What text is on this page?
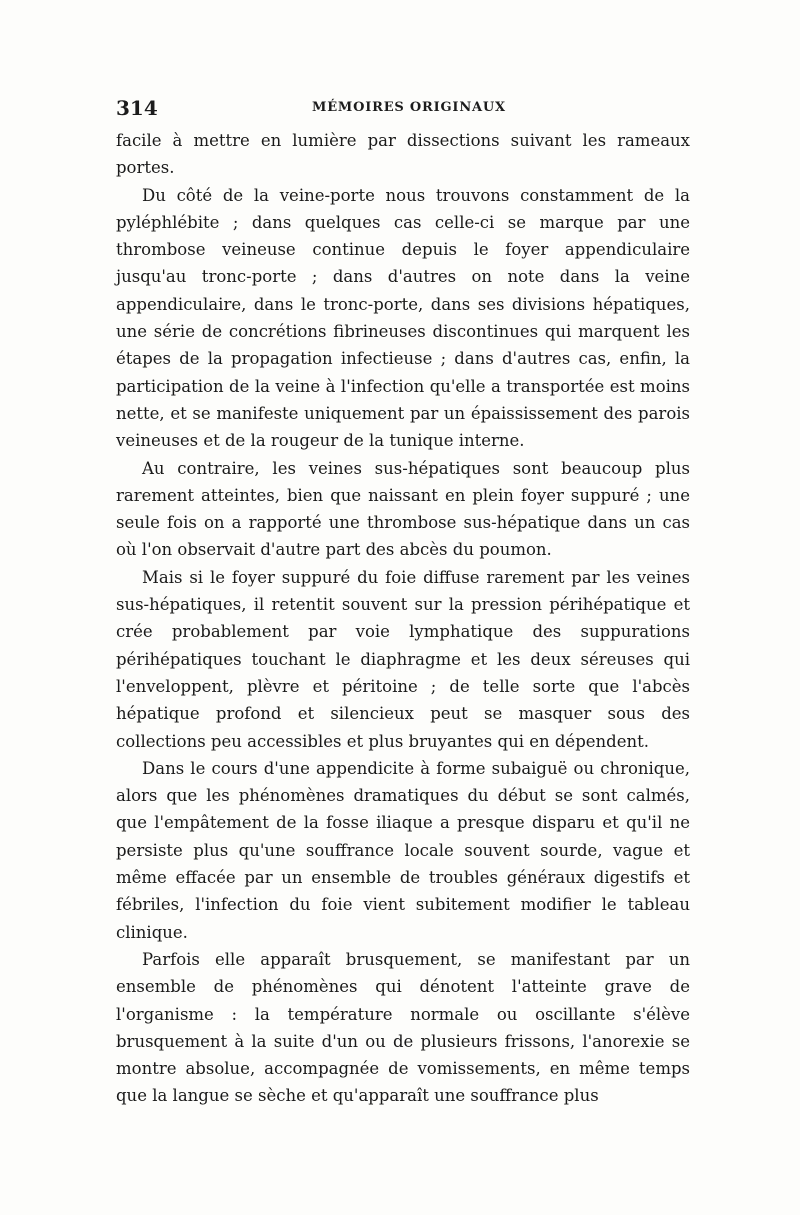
314	MÉMOIRES ORIGINAUX

facile à mettre en lumière par dissections suivant les rameaux portes.

Du côté de la veine-porte nous trouvons constamment de la pyléphlébite ; dans quelques cas celle-ci se marque par une thrombose veineuse continue depuis le foyer appendiculaire jusqu'au tronc-porte ; dans d'autres on note dans la veine appendiculaire, dans le tronc-porte, dans ses divisions hépatiques, une série de concrétions fibrineuses discontinues qui marquent les étapes de la propagation infectieuse ; dans d'autres cas, enfin, la participation de la veine à l'infection qu'elle a transportée est moins nette, et se manifeste uniquement par un épaississement des parois veineuses et de la rougeur de la tunique interne.

Au contraire, les veines sus-hépatiques sont beaucoup plus rarement atteintes, bien que naissant en plein foyer suppuré ; une seule fois on a rapporté une thrombose sus-hépatique dans un cas où l'on observait d'autre part des abcès du poumon.

Mais si le foyer suppuré du foie diffuse rarement par les veines sus-hépatiques, il retentit souvent sur la pression périhépatique et crée probablement par voie lymphatique des suppurations périhépatiques touchant le diaphragme et les deux séreuses qui l'enveloppent, plèvre et péritoine ; de telle sorte que l'abcès hépatique profond et silencieux peut se masquer sous des collections peu accessibles et plus bruyantes qui en dépendent.

Dans le cours d'une appendicite à forme subaiguë ou chronique, alors que les phénomènes dramatiques du début se sont calmés, que l'empâtement de la fosse iliaque a presque disparu et qu'il ne persiste plus qu'une souffrance locale souvent sourde, vague et même effacée par un ensemble de troubles généraux digestifs et fébriles, l'infection du foie vient subitement modifier le tableau clinique.

Parfois elle apparaît brusquement, se manifestant par un ensemble de phénomènes qui dénotent l'atteinte grave de l'organisme : la température normale ou oscillante s'élève brusquement à la suite d'un ou de plusieurs frissons, l'anorexie se montre absolue, accompagnée de vomissements, en même temps que la langue se sèche et qu'apparaît une souffrance plus
